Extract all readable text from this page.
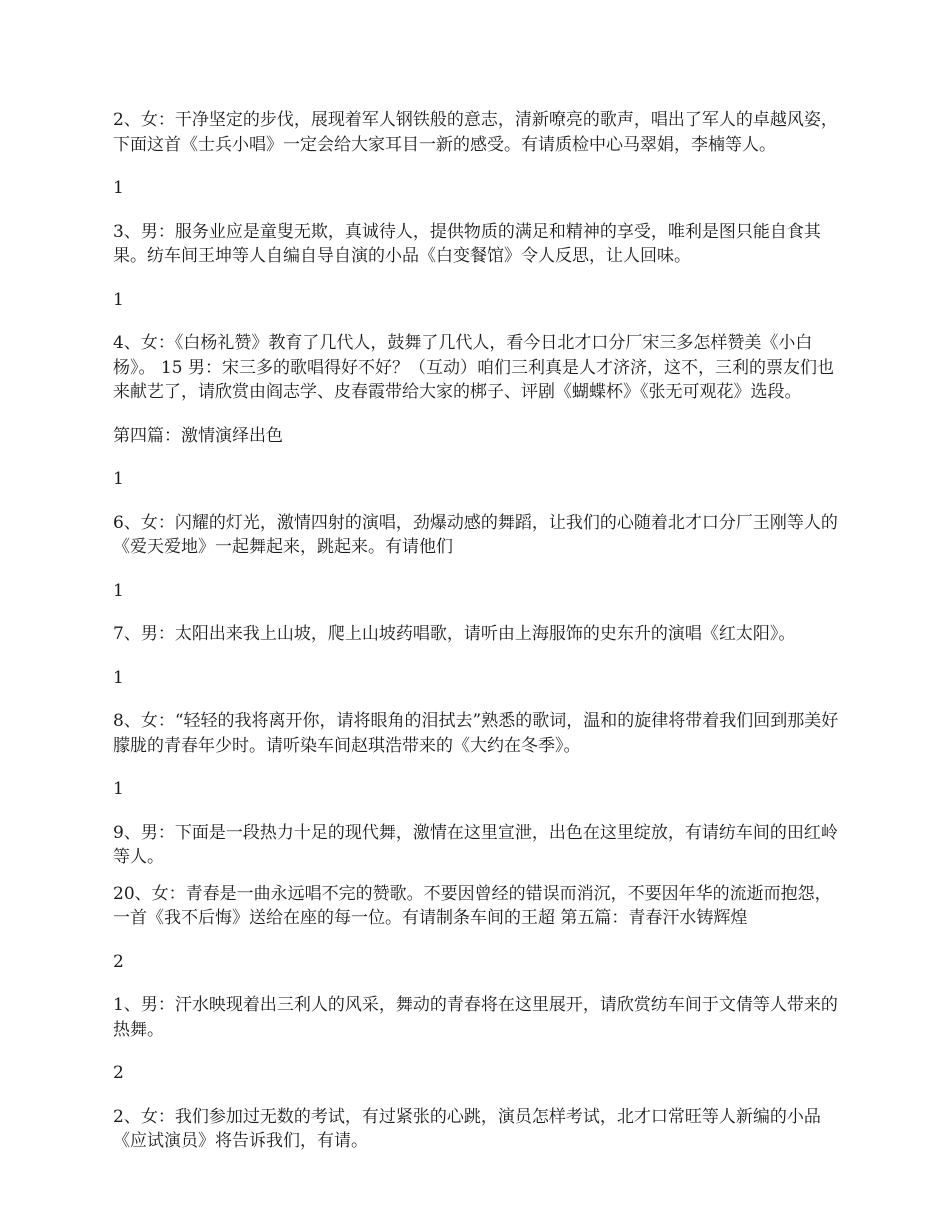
2、女：干净坚定的步伐，展现着军人钢铁般的意志，清新嘹亮的歌声，唱出了军人的卓越风姿，下面这首《士兵小唱》一定会给大家耳目一新的感受。有请质检中心马翠娟，李楠等人。

1

3、男：服务业应是童叟无欺，真诚待人，提供物质的满足和精神的享受，唯利是图只能自食其果。纺车间王坤等人自编自导自演的小品《白变餐馆》令人反思，让人回味。

1

4、女：《白杨礼赞》教育了几代人，鼓舞了几代人，看今日北才口分厂宋三多怎样赞美《小白杨》。 15 男：宋三多的歌唱得好不好？（互动）咱们三利真是人才济济，这不，三利的票友们也来献艺了，请欣赏由阎志学、皮春霞带给大家的梆子、评剧《蝴蝶杯》《张无可观花》选段。

第四篇：激情演绎出色

1

6、女：闪耀的灯光，激情四射的演唱，劲爆动感的舞蹈，让我们的心随着北才口分厂王刚等人的《爱天爱地》一起舞起来，跳起来。有请他们

1

7、男：太阳出来我上山坡，爬上山坡药唱歌，请听由上海服饰的史东升的演唱《红太阳》。

1

8、女：“轻轻的我将离开你，请将眼角的泪拭去”熟悉的歌词，温和的旋律将带着我们回到那美好朦胧的青春年少时。请听染车间赵琪浩带来的《大约在冬季》。

1

9、男：下面是一段热力十足的现代舞，激情在这里宣泄，出色在这里绽放，有请纺车间的田红岭等人。

20、女：青春是一曲永远唱不完的赞歌。不要因曾经的错误而消沉，不要因年华的流逝而抱怨，一首《我不后悔》送给在座的每一位。有请制条车间的王超 第五篇：青春汗水铸辉煌

2

1、男：汗水映现着出三利人的风采，舞动的青春将在这里展开，请欣赏纺车间于文倩等人带来的热舞。

2

2、女：我们参加过无数的考试，有过紧张的心跳，演员怎样考试，北才口常旺等人新编的小品《应试演员》将告诉我们，有请。
